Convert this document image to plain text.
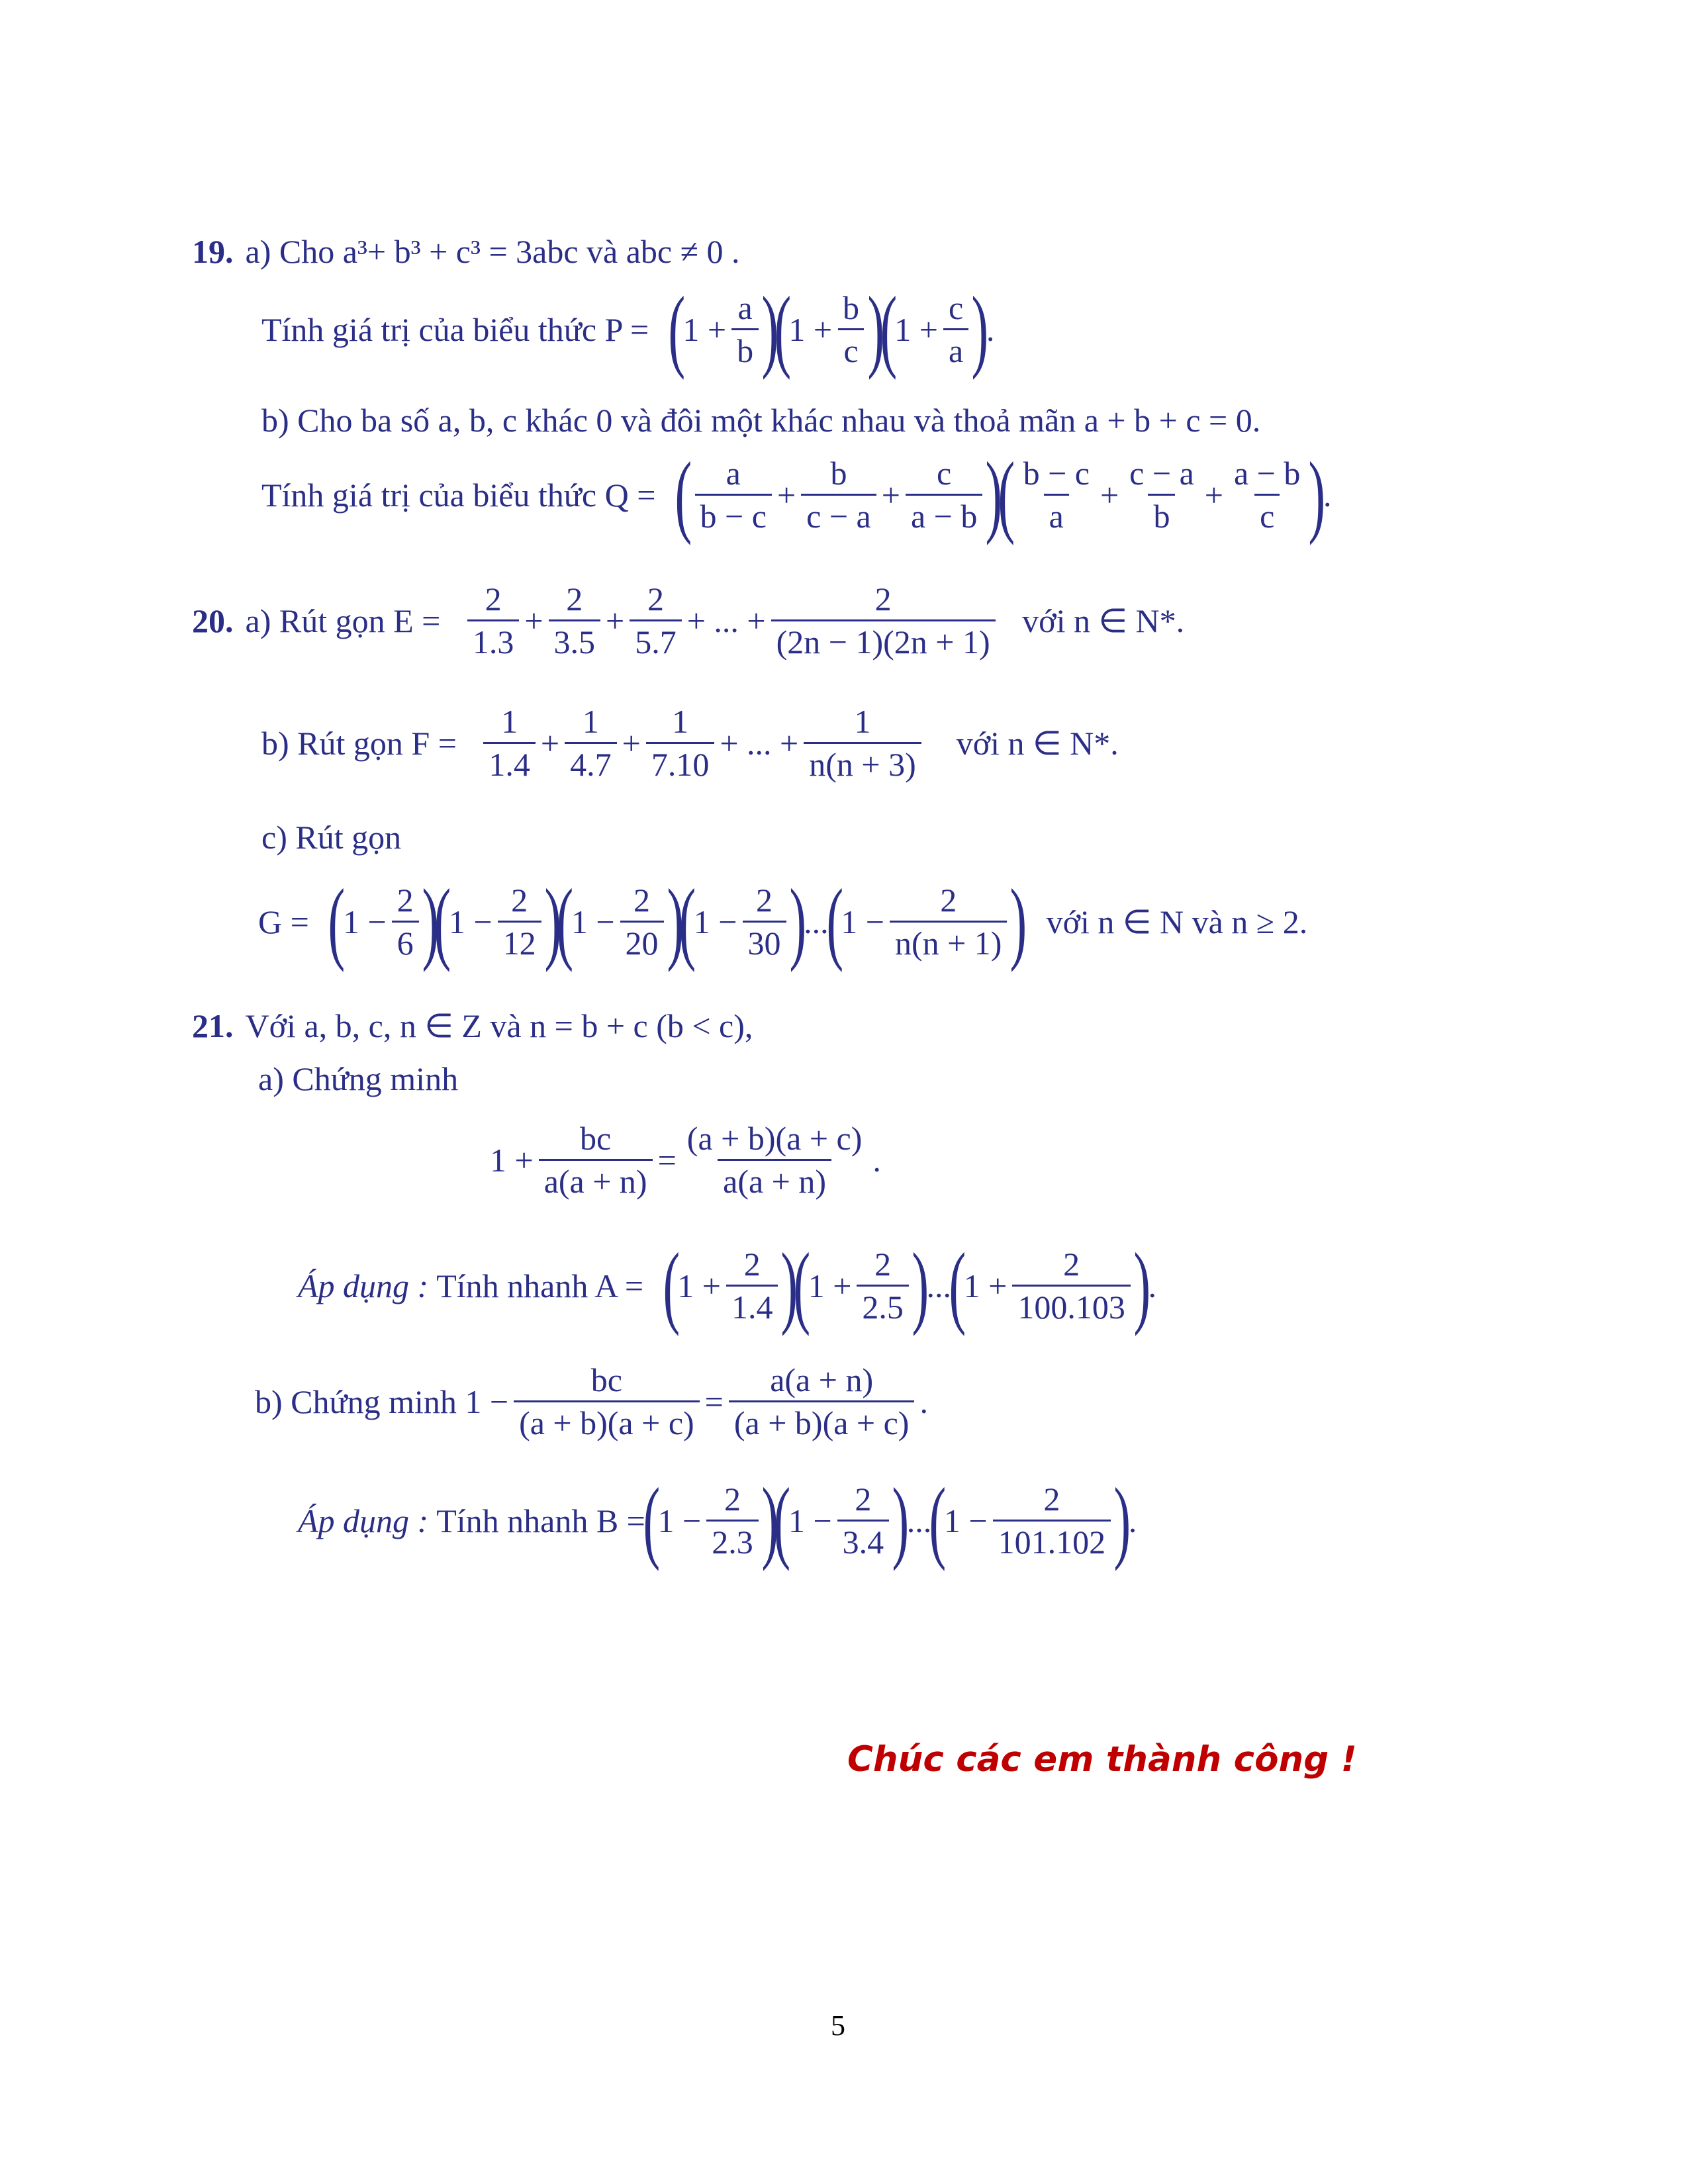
19. a) Cho a³+ b³ + c³ = 3abc và abc ≠ 0 .
Tính giá trị của biểu thức P =
(
$1 + \frac{a}{b}$ )
(
$1 + \frac{b}{c}$ )
(
$1 + \frac{c}{a}$ )
.
b) Cho ba số a, b, c khác 0 và đôi một khác nhau và thoả mãn a + b + c = 0.
Tính giá trị của biểu thức Q =
( $\frac{a}{b - c} + \frac{b}{c - a} + \frac{c}{a - b}$ )
( $\frac{b - c}{a} + \frac{c - a}{b} + \frac{a - b}{c}$ )
.
20. a) Rút gọn E =
$\frac{2}{1.3} + \frac{2}{3.5} + \frac{2}{5.7}$ + ... + $\frac{2}{(2n - 1)(2n + 1)}$
với n ∈ N*.
b) Rút gọn F =
$\frac{1}{1.4} + \frac{1}{4.7} + \frac{1}{7.10}$ + ... + $\frac{1}{n(n + 3)}$
với n ∈ N*.
c) Rút gọn
G =
(
$1 - \frac{2}{6}$ )
(
$1 - \frac{2}{12}$ )
(
$1 - \frac{2}{20}$ )
(
$1 - \frac{2}{30}$ )
...
(
$1 - \frac{2}{n(n + 1)}$ )
với n ∈ N và n ≥ 2.
21. Với a, b, c, n ∈ Z và n = b + c (b < c),
a) Chứng minh
$1 + \frac{bc}{a(a + n)} = \frac{(a + b)(a + c)}{a(a + n)}$ .
Áp dụng : Tính nhanh A =
(
$1 + \frac{2}{1.4}$ )
(
$1 + \frac{2}{2.5}$ )
...
(
$1 + \frac{2}{100.103}$ )
.
b) Chứng minh $1 - \frac{bc}{(a + b)(a + c)} = \frac{a(a + n)}{(a + b)(a + c)}$ .
Áp dụng : Tính nhanh B =
(
$1 - \frac{2}{2.3}$ )
(
$1 - \frac{2}{3.4}$ )
...
(
$1 - \frac{2}{101.102}$ )
.
Chúc các em thành công !
5
